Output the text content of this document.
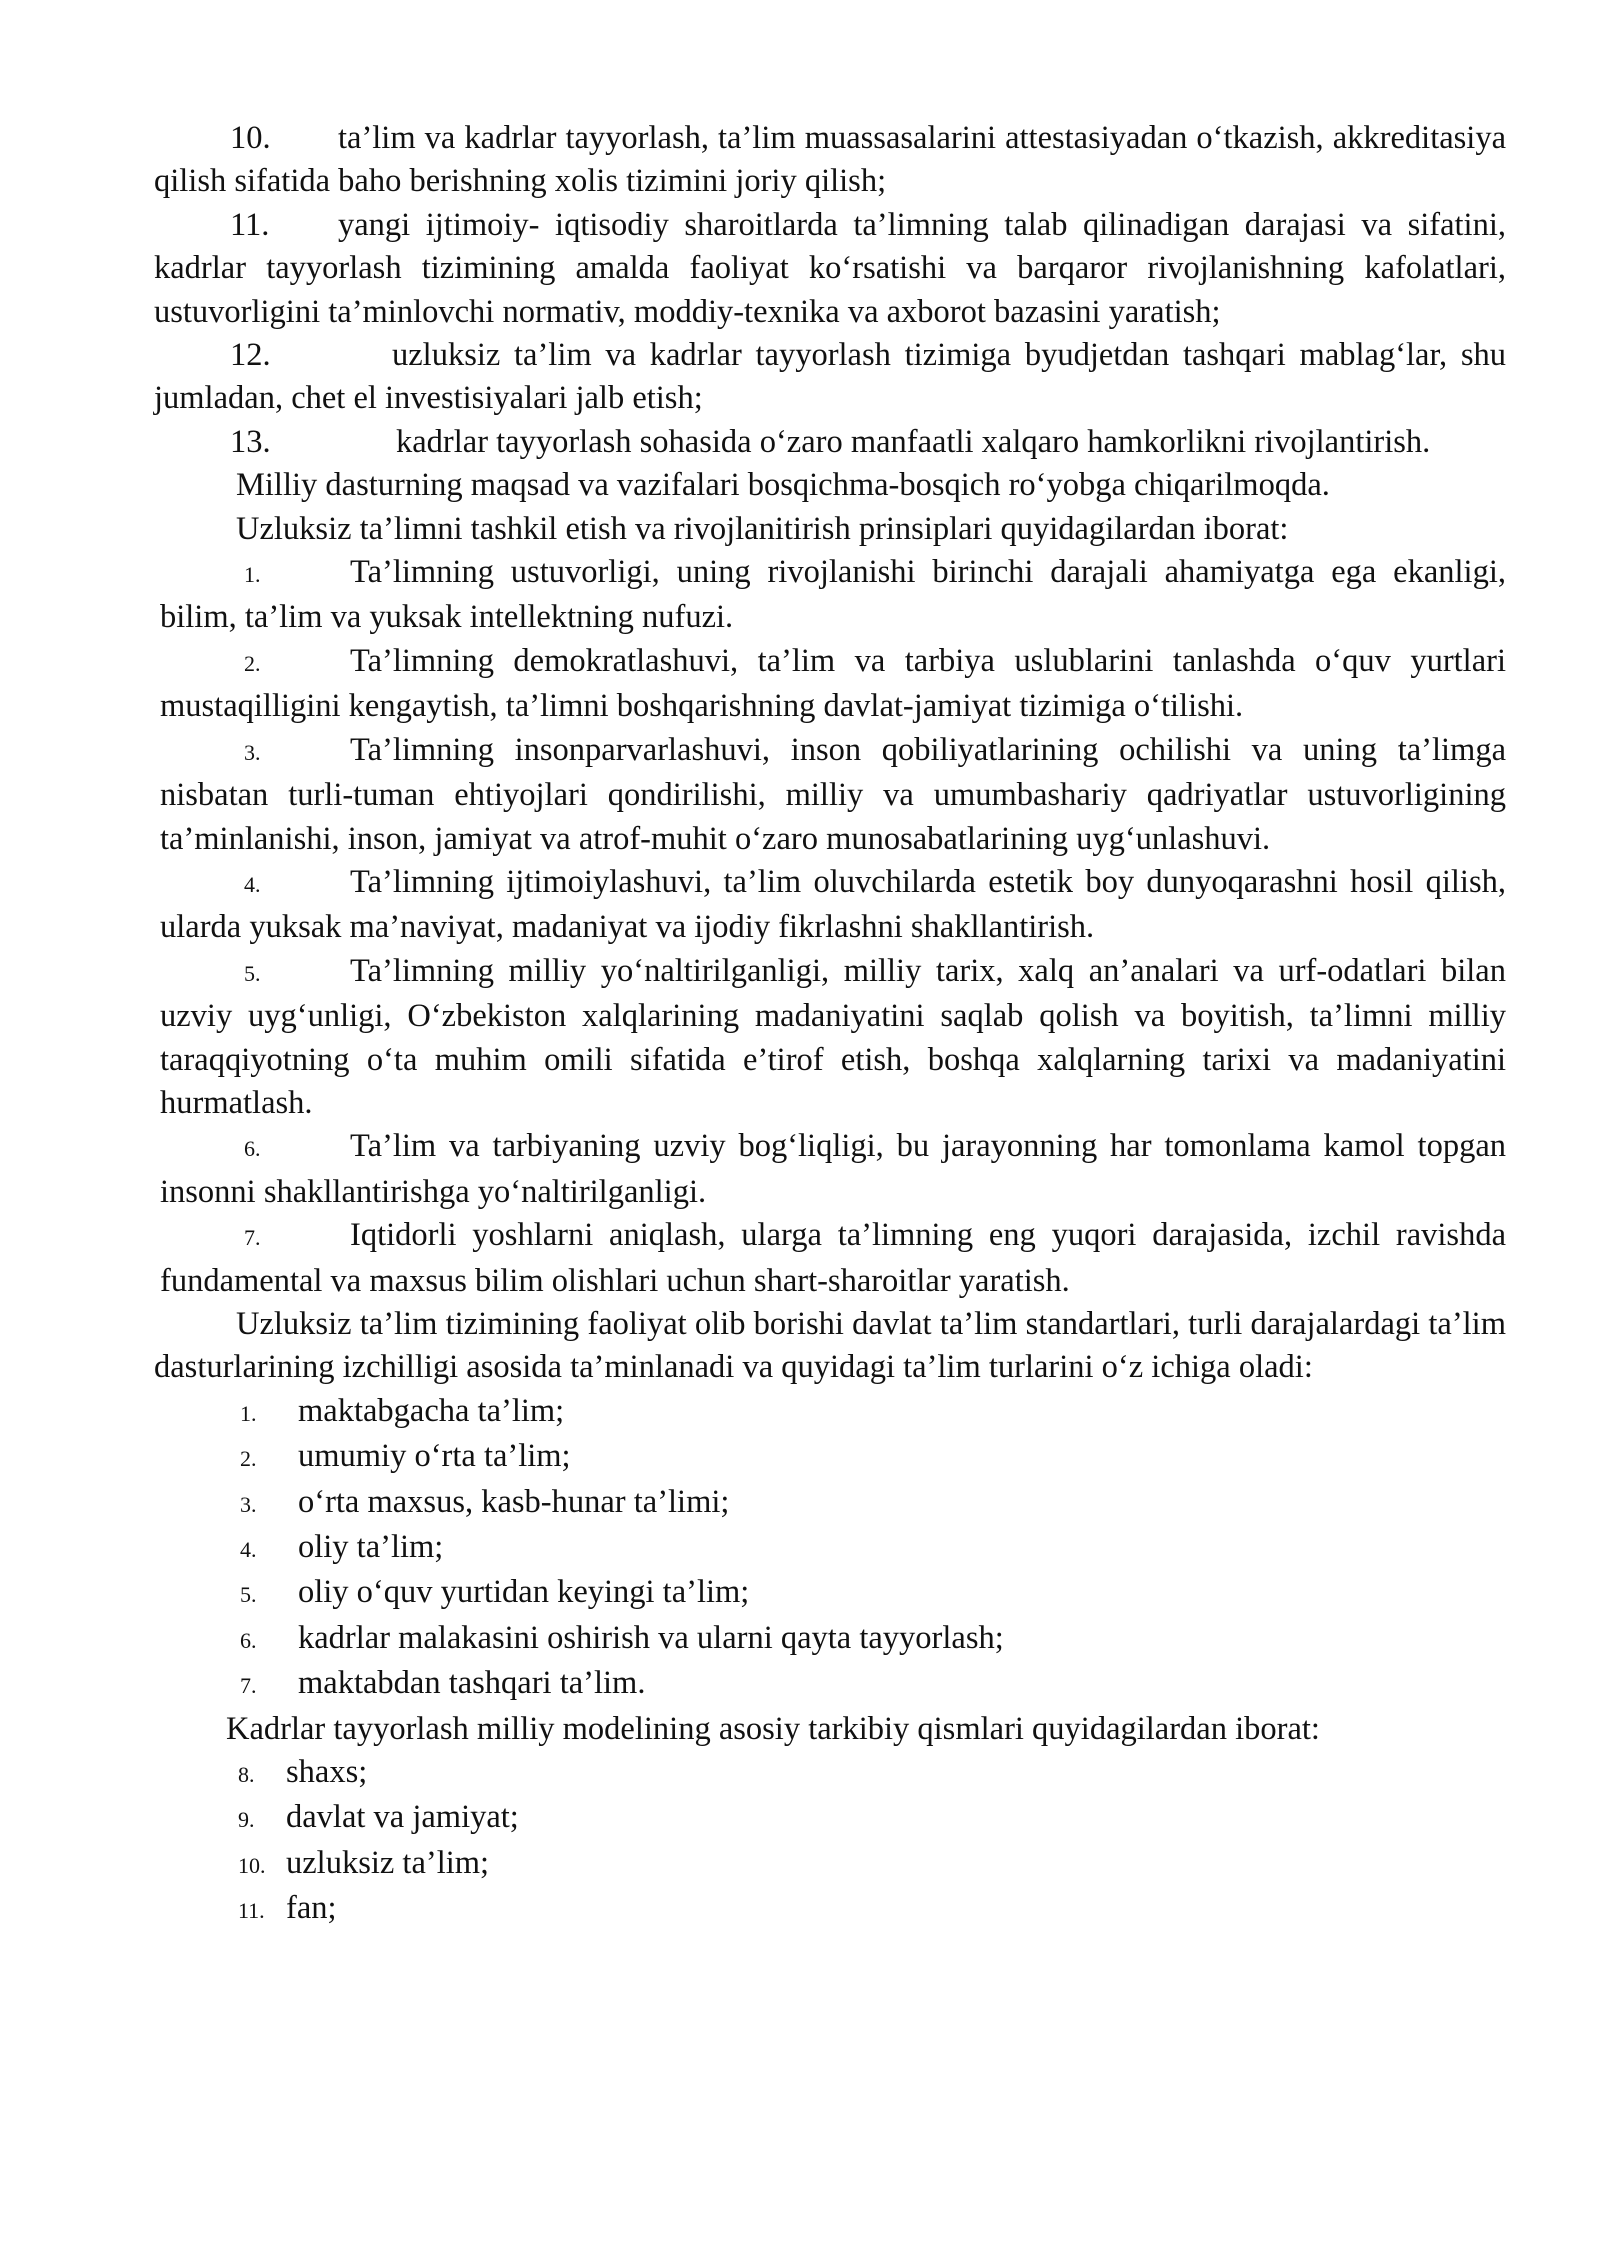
10. ta’lim va kadrlar tayyorlash, ta’lim muassasalarini attestasiyadan o‘tkazish, akkreditasiya qilish sifatida baho berishning xolis tizimini joriy qilish;

11. yangi ijtimoiy- iqtisodiy sharoitlarda ta’limning talab qilinadigan darajasi va sifatini, kadrlar tayyorlash tizimining amalda faoliyat ko‘rsatishi va barqaror rivojlanishning kafolatlari, ustuvorligini ta’minlovchi normativ, moddiy-texnika va axborot bazasini yaratish;

12.	uzluksiz ta’lim va kadrlar tayyorlash tizimiga byudjetdan tashqari mablag‘lar, shu jumladan, chet el investisiyalari jalb etish;

13.	kadrlar tayyorlash sohasida o‘zaro manfaatli xalqaro hamkorlikni rivojlantirish.

Milliy dasturning maqsad va vazifalari bosqichma-bosqich ro‘yobga chiqarilmoqda.

Uzluksiz ta’limni tashkil etish va rivojlanitirish prinsiplari quyidagilardan iborat:

1.	Ta’limning ustuvorligi, uning rivojlanishi birinchi darajali ahamiyatga ega ekanligi, bilim, ta’lim va yuksak intellektning nufuzi.

2.	Ta’limning demokratlashuvi, ta’lim va tarbiya uslublarini tanlashda o‘quv yurtlari mustaqilligini kengaytish, ta’limni boshqarishning davlat-jamiyat tizimiga o‘tilishi.

3.	Ta’limning insonparvarlashuvi, inson qobiliyatlarining ochilishi va uning ta’limga nisbatan turli-tuman ehtiyojlari qondirilishi, milliy va umumbashariy qadriyatlar ustuvorligining ta’minlanishi, inson, jamiyat va atrof-muhit o‘zaro munosabatlarining uyg‘unlashuvi.

4.	Ta’limning ijtimoiylashuvi, ta’lim oluvchilarda estetik boy dunyoqarashni hosil qilish, ularda yuksak ma’naviyat, madaniyat va ijodiy fikrlashni shakllantirish.

5.	Ta’limning milliy yo‘naltirilganligi, milliy tarix, xalq an’analari va urf-odatlari bilan uzviy uyg‘unligi, O‘zbekiston xalqlarining madaniyatini saqlab qolish va boyitish, ta’limni milliy taraqqiyotning o‘ta muhim omili sifatida e’tirof etish, boshqa xalqlarning tarixi va madaniyatini hurmatlash.

6.	Ta’lim va tarbiyaning uzviy bog‘liqligi, bu jarayonning har tomonlama kamol topgan insonni shakllantirishga yo‘naltirilganligi.

7.	Iqtidorli yoshlarni aniqlash, ularga ta’limning eng yuqori darajasida, izchil ravishda fundamental va maxsus bilim olishlari uchun shart-sharoitlar yaratish.

Uzluksiz ta’lim tizimining faoliyat olib borishi davlat ta’lim standartlari, turli darajalardagi ta’lim dasturlarining izchilligi asosida ta’minlanadi va quyidagi ta’lim turlarini o‘z ichiga oladi:

1. maktabgacha ta’lim;
2. umumiy o‘rta ta’lim;
3. o‘rta maxsus, kasb-hunar ta’limi;
4. oliy ta’lim;
5. oliy o‘quv yurtidan keyingi ta’lim;
6. kadrlar malakasini oshirish va ularni qayta tayyorlash;
7. maktabdan tashqari ta’lim.

Kadrlar tayyorlash milliy modelining asosiy tarkibiy qismlari quyidagilardan iborat:

8. shaxs;
9. davlat va jamiyat;
10. uzluksiz ta’lim;
11. fan;
